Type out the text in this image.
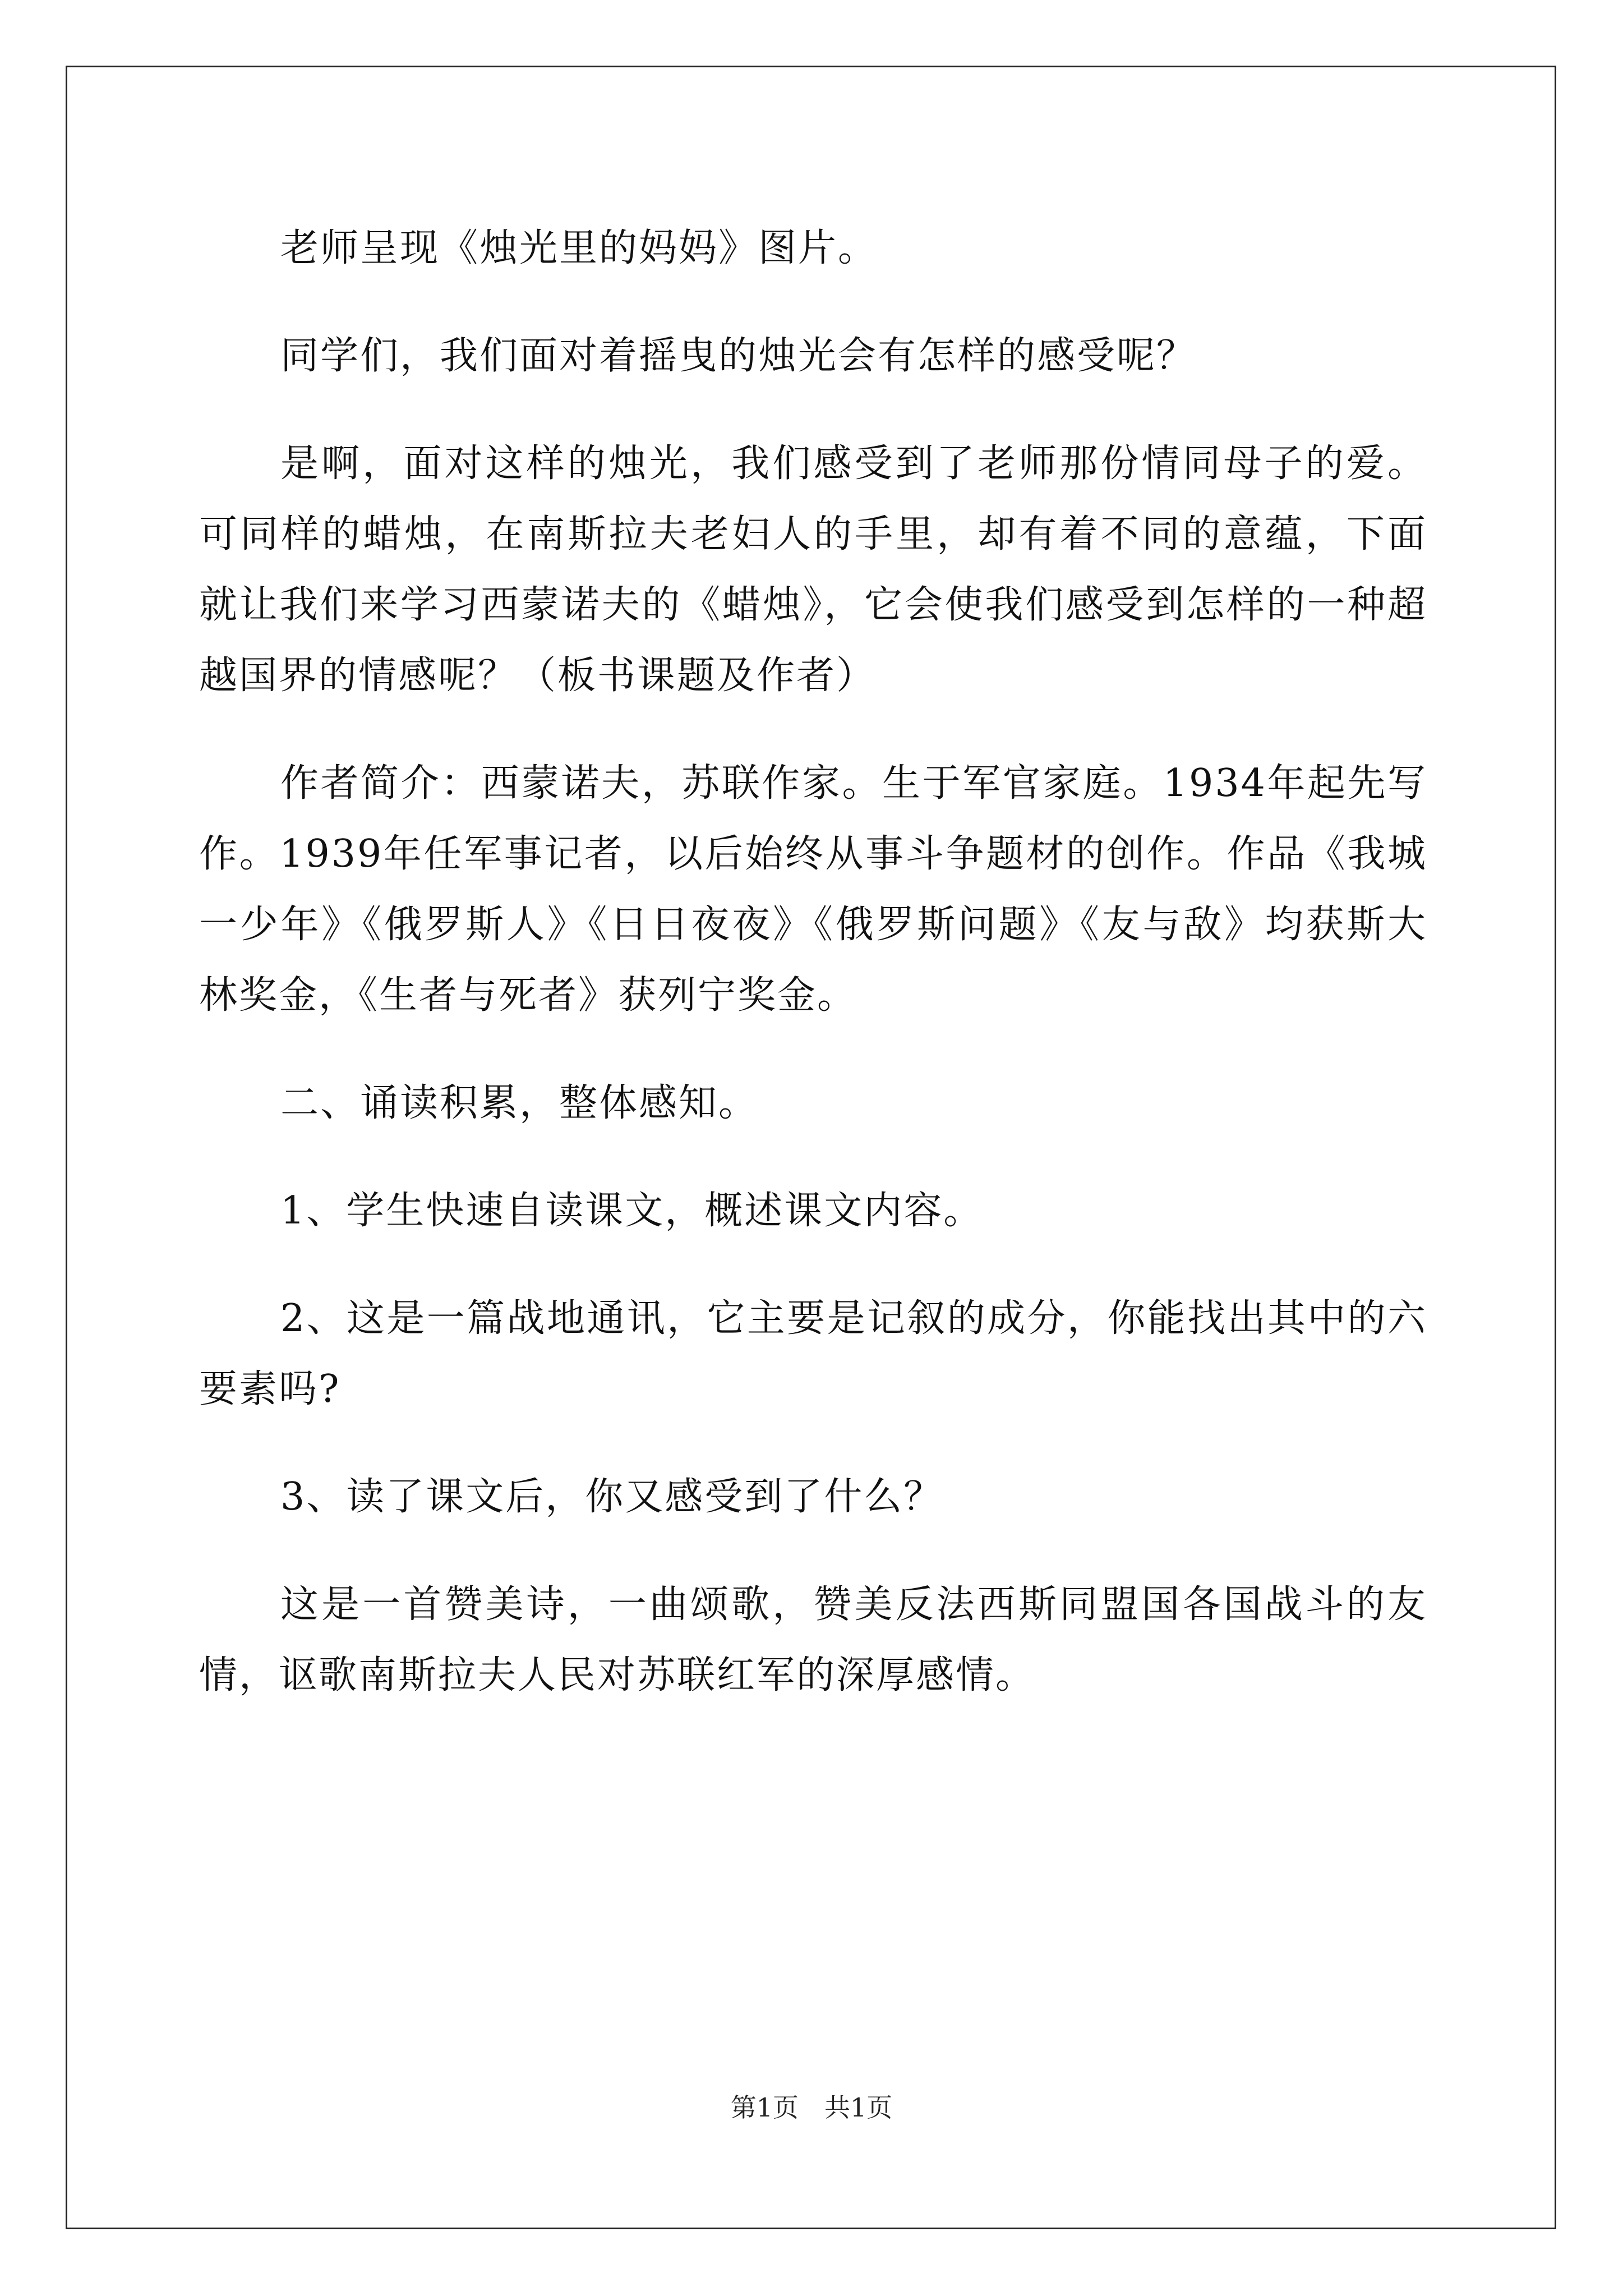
老师呈现《烛光里的妈妈》图片。

同学们，我们面对着摇曳的烛光会有怎样的感受呢？

是啊，面对这样的烛光，我们感受到了老师那份情同母子的爱。可同样的蜡烛，在南斯拉夫老妇人的手里，却有着不同的意蕴，下面就让我们来学习西蒙诺夫的《蜡烛》，它会使我们感受到怎样的一种超越国界的情感呢？（板书课题及作者）

作者简介：西蒙诺夫，苏联作家。生于军官家庭。1934年起先写作。1939年任军事记者，以后始终从事斗争题材的创作。作品《我城一少年》《俄罗斯人》《日日夜夜》《俄罗斯问题》《友与敌》均获斯大林奖金，《生者与死者》获列宁奖金。

二、诵读积累，整体感知。

1、学生快速自读课文，概述课文内容。

2、这是一篇战地通讯，它主要是记叙的成分，你能找出其中的六要素吗?

3、读了课文后，你又感受到了什么？

这是一首赞美诗，一曲颂歌，赞美反法西斯同盟国各国战斗的友情，讴歌南斯拉夫人民对苏联红军的深厚感情。

第1页　共1页
